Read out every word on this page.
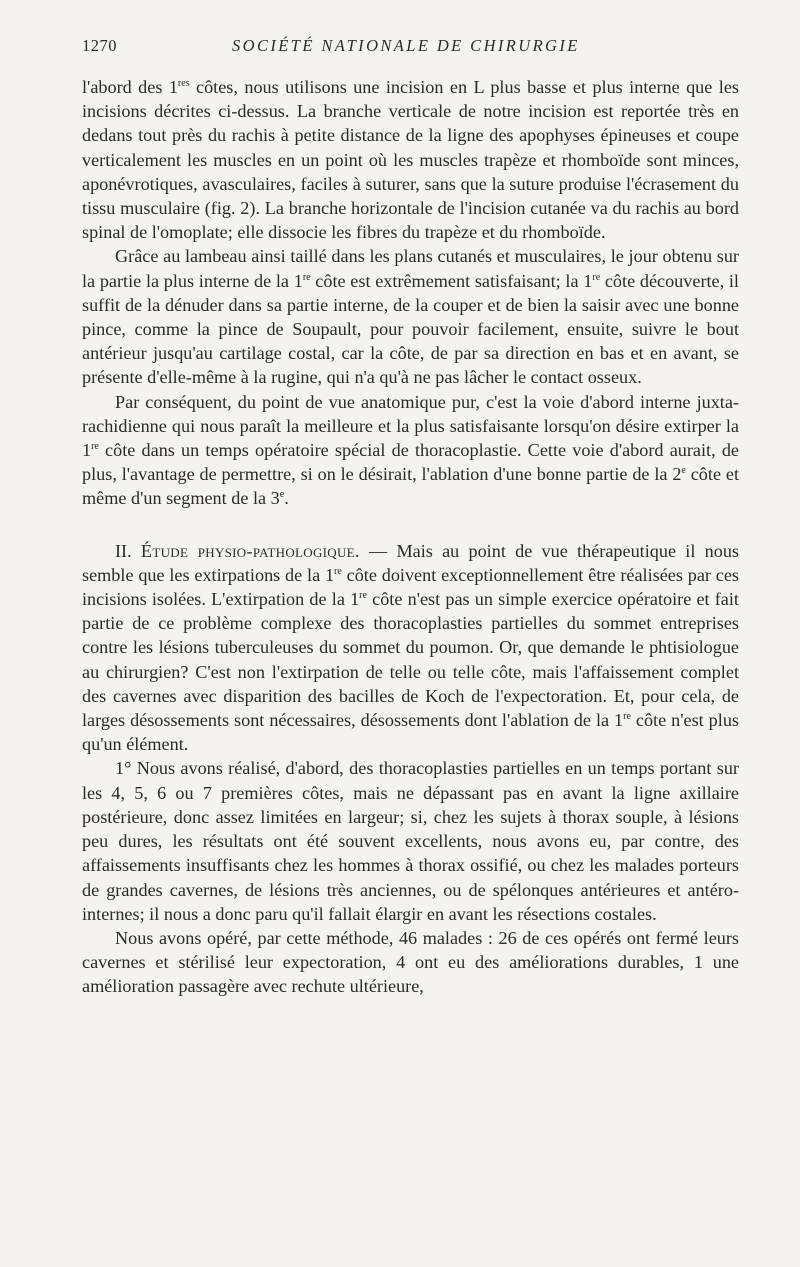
1270	SOCIÉTÉ NATIONALE DE CHIRURGIE

l'abord des 1res côtes, nous utilisons une incision en L plus basse et plus interne que les incisions décrites ci-dessus. La branche verticale de notre incision est reportée très en dedans tout près du rachis à petite distance de la ligne des apophyses épineuses et coupe verticalement les muscles en un point où les muscles trapèze et rhomboïde sont minces, aponévrotiques, avasculaires, faciles à suturer, sans que la suture produise l'écrasement du tissu musculaire (fig. 2). La branche horizontale de l'incision cutanée va du rachis au bord spinal de l'omoplate; elle dissocie les fibres du trapèze et du rhomboïde.

Grâce au lambeau ainsi taillé dans les plans cutanés et musculaires, le jour obtenu sur la partie la plus interne de la 1re côte est extrêmement satisfaisant; la 1re côte découverte, il suffit de la dénuder dans sa partie interne, de la couper et de bien la saisir avec une bonne pince, comme la pince de Soupault, pour pouvoir facilement, ensuite, suivre le bout antérieur jusqu'au cartilage costal, car la côte, de par sa direction en bas et en avant, se présente d'elle-même à la rugine, qui n'a qu'à ne pas lâcher le contact osseux.

Par conséquent, du point de vue anatomique pur, c'est la voie d'abord interne juxta-rachidienne qui nous paraît la meilleure et la plus satisfaisante lorsqu'on désire extirper la 1re côte dans un temps opératoire spécial de thoracoplastie. Cette voie d'abord aurait, de plus, l'avantage de permettre, si on le désirait, l'ablation d'une bonne partie de la 2e côte et même d'un segment de la 3e.

II. Étude physio-pathologique. — Mais au point de vue thérapeutique il nous semble que les extirpations de la 1re côte doivent exceptionnellement être réalisées par ces incisions isolées. L'extirpation de la 1re côte n'est pas un simple exercice opératoire et fait partie de ce problème complexe des thoracoplasties partielles du sommet entreprises contre les lésions tuberculeuses du sommet du poumon. Or, que demande le phtisiologue au chirurgien? C'est non l'extirpation de telle ou telle côte, mais l'affaissement complet des cavernes avec disparition des bacilles de Koch de l'expectoration. Et, pour cela, de larges désossements sont nécessaires, désossements dont l'ablation de la 1re côte n'est plus qu'un élément.

1° Nous avons réalisé, d'abord, des thoracoplasties partielles en un temps portant sur les 4, 5, 6 ou 7 premières côtes, mais ne dépassant pas en avant la ligne axillaire postérieure, donc assez limitées en largeur; si, chez les sujets à thorax souple, à lésions peu dures, les résultats ont été souvent excellents, nous avons eu, par contre, des affaissements insuffisants chez les hommes à thorax ossifié, ou chez les malades porteurs de grandes cavernes, de lésions très anciennes, ou de spélonques antérieures et antéro-internes; il nous a donc paru qu'il fallait élargir en avant les résections costales.

Nous avons opéré, par cette méthode, 46 malades : 26 de ces opérés ont fermé leurs cavernes et stérilisé leur expectoration, 4 ont eu des améliorations durables, 1 une amélioration passagère avec rechute ultérieure,
